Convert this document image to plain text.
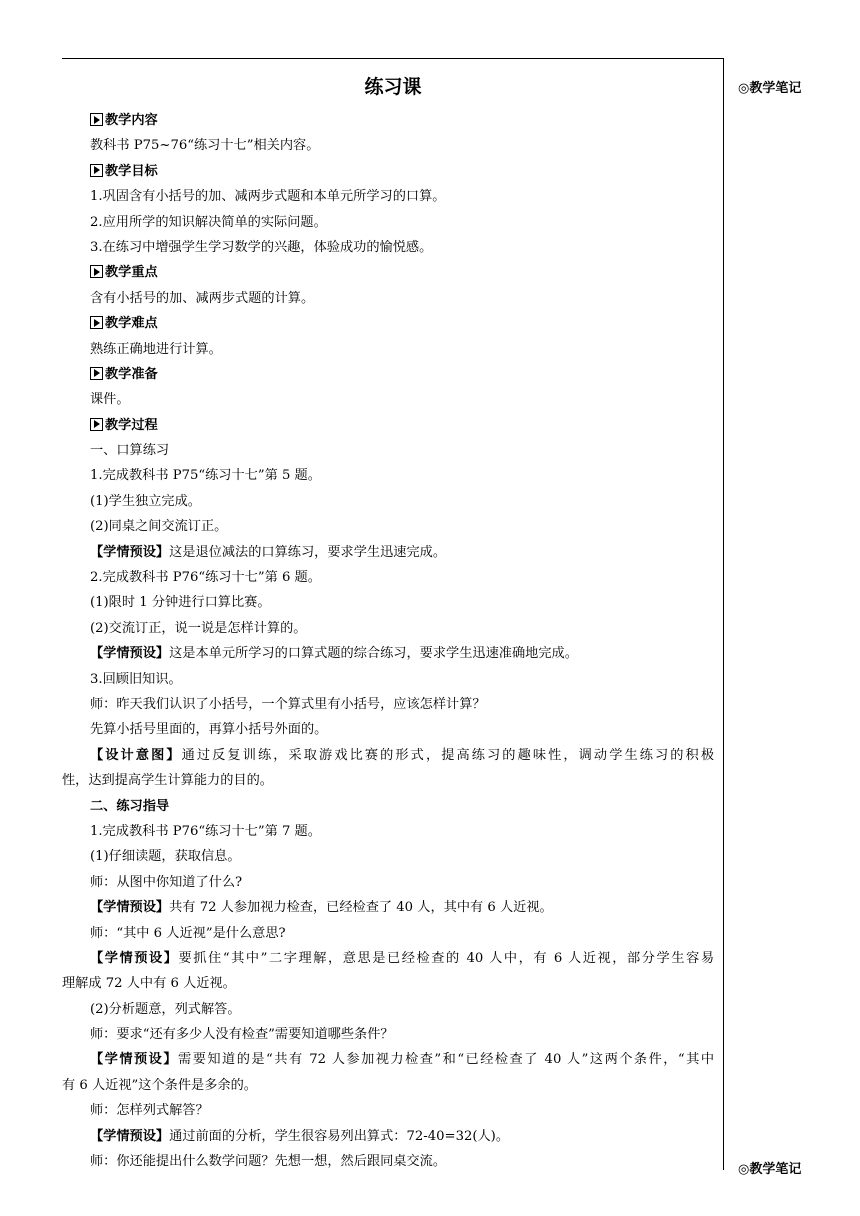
◎教学笔记
◎教学笔记
练习课
教学内容
教科书 P75~76“练习十七”相关内容。
教学目标
1.巩固含有小括号的加、减两步式题和本单元所学习的口算。
2.应用所学的知识解决简单的实际问题。
3.在练习中增强学生学习数学的兴趣，体验成功的愉悦感。
教学重点
含有小括号的加、减两步式题的计算。
教学难点
熟练正确地进行计算。
教学准备
课件。
教学过程
一、口算练习
1.完成教科书 P75“练习十七”第 5 题。
(1)学生独立完成。
(2)同桌之间交流订正。
【学情预设】这是退位减法的口算练习，要求学生迅速完成。
2.完成教科书 P76“练习十七”第 6 题。
(1)限时 1 分钟进行口算比赛。
(2)交流订正，说一说是怎样计算的。
【学情预设】这是本单元所学习的口算式题的综合练习，要求学生迅速准确地完成。
3.回顾旧知识。
师：昨天我们认识了小括号，一个算式里有小括号，应该怎样计算？
先算小括号里面的，再算小括号外面的。
【设计意图】通过反复训练，采取游戏比赛的形式，提高练习的趣味性，调动学生练习的积极
性，达到提高学生计算能力的目的。
二、练习指导
1.完成教科书 P76“练习十七”第 7 题。
(1)仔细读题，获取信息。
师：从图中你知道了什么?
【学情预设】共有 72 人参加视力检查，已经检查了 40 人，其中有 6 人近视。
师：“其中 6 人近视”是什么意思?
【学情预设】要抓住“其中”二字理解，意思是已经检查的 40 人中，有 6 人近视，部分学生容易
理解成 72 人中有 6 人近视。
(2)分析题意，列式解答。
师：要求“还有多少人没有检查”需要知道哪些条件？
【学情预设】需要知道的是“共有 72 人参加视力检查”和“已经检查了 40 人”这两个条件，“其中
有 6 人近视”这个条件是多余的。
师：怎样列式解答？
【学情预设】通过前面的分析，学生很容易列出算式：72-40=32(人)。
师：你还能提出什么数学问题？先想一想，然后跟同桌交流。
